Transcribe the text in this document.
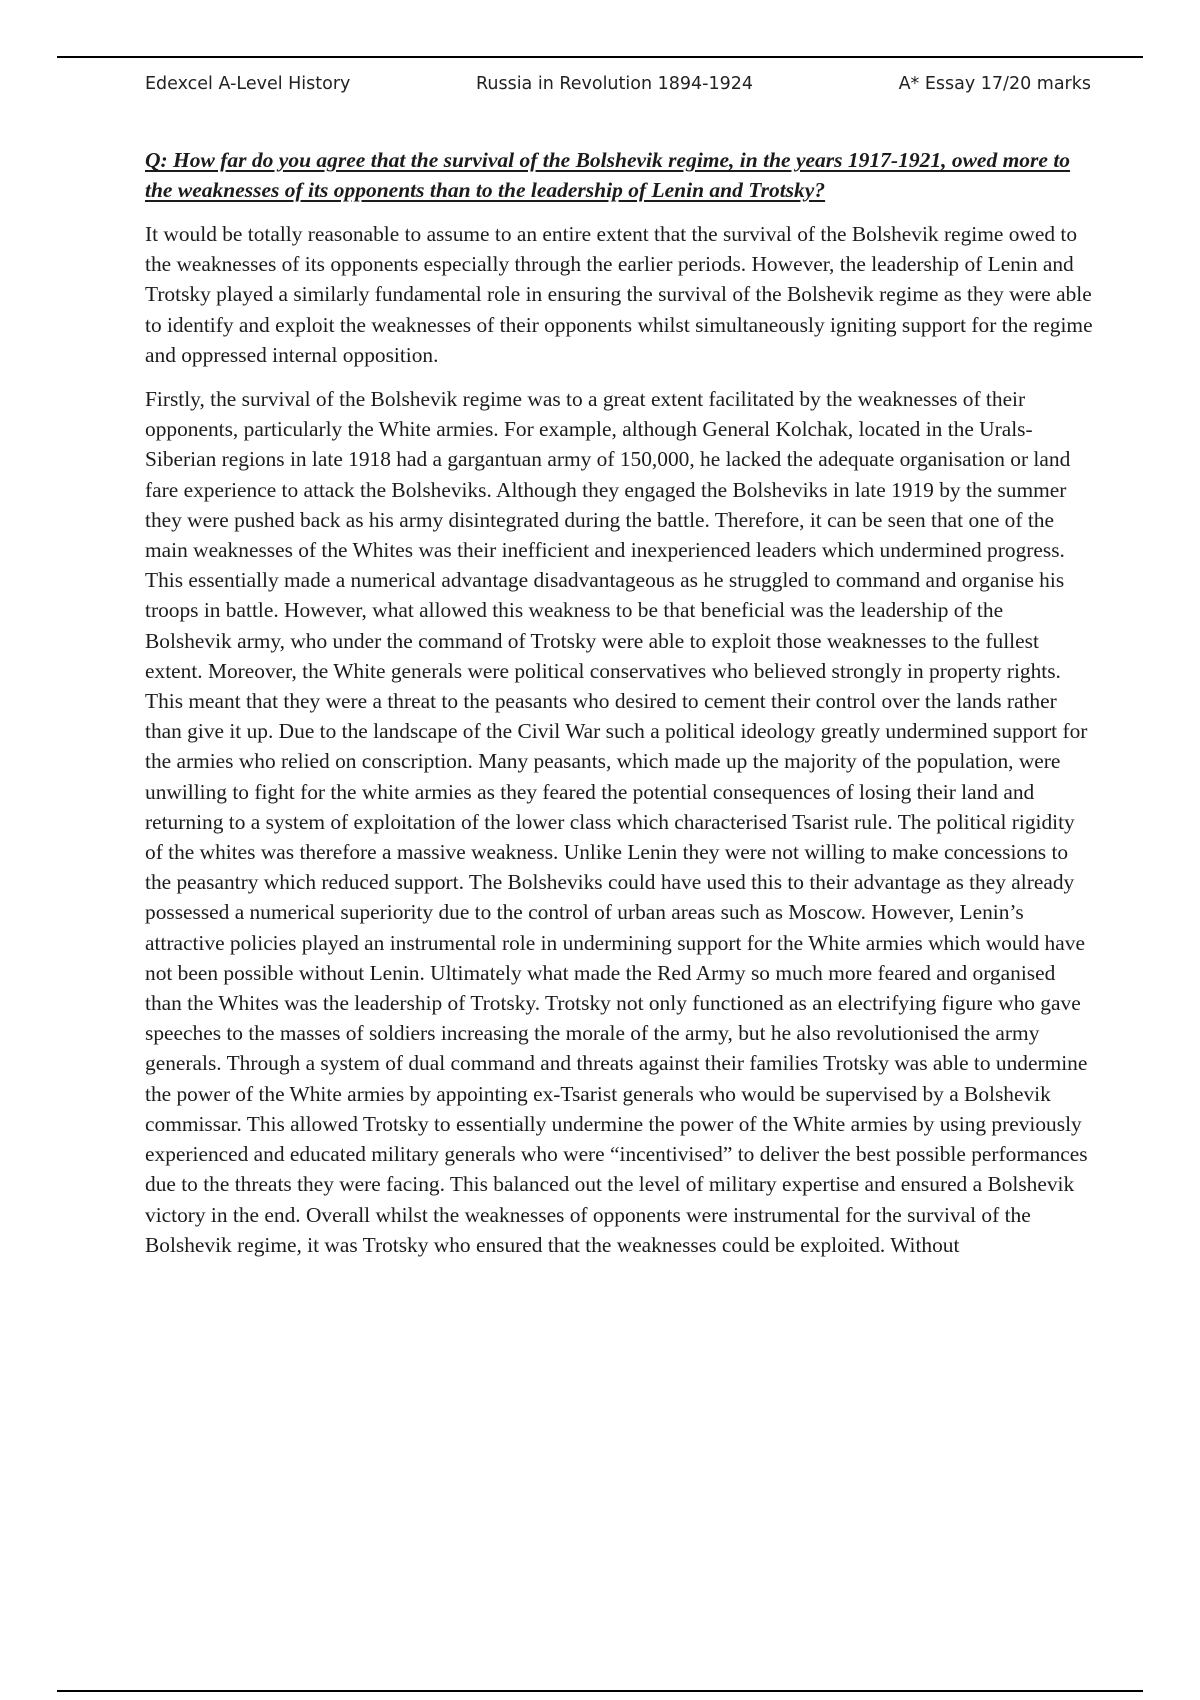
Edexcel A-Level History	Russia in Revolution 1894-1924	A* Essay 17/20 marks

Q: How far do you agree that the survival of the Bolshevik regime, in the years 1917-1921, owed more to the weaknesses of its opponents than to the leadership of Lenin and Trotsky?

It would be totally reasonable to assume to an entire extent that the survival of the Bolshevik regime owed to the weaknesses of its opponents especially through the earlier periods. However, the leadership of Lenin and Trotsky played a similarly fundamental role in ensuring the survival of the Bolshevik regime as they were able to identify and exploit the weaknesses of their opponents whilst simultaneously igniting support for the regime and oppressed internal opposition.

Firstly, the survival of the Bolshevik regime was to a great extent facilitated by the weaknesses of their opponents, particularly the White armies. For example, although General Kolchak, located in the Urals-Siberian regions in late 1918 had a gargantuan army of 150,000, he lacked the adequate organisation or land fare experience to attack the Bolsheviks. Although they engaged the Bolsheviks in late 1919 by the summer they were pushed back as his army disintegrated during the battle. Therefore, it can be seen that one of the main weaknesses of the Whites was their inefficient and inexperienced leaders which undermined progress. This essentially made a numerical advantage disadvantageous as he struggled to command and organise his troops in battle. However, what allowed this weakness to be that beneficial was the leadership of the Bolshevik army, who under the command of Trotsky were able to exploit those weaknesses to the fullest extent. Moreover, the White generals were political conservatives who believed strongly in property rights. This meant that they were a threat to the peasants who desired to cement their control over the lands rather than give it up. Due to the landscape of the Civil War such a political ideology greatly undermined support for the armies who relied on conscription. Many peasants, which made up the majority of the population, were unwilling to fight for the white armies as they feared the potential consequences of losing their land and returning to a system of exploitation of the lower class which characterised Tsarist rule. The political rigidity of the whites was therefore a massive weakness. Unlike Lenin they were not willing to make concessions to the peasantry which reduced support. The Bolsheviks could have used this to their advantage as they already possessed a numerical superiority due to the control of urban areas such as Moscow. However, Lenin’s attractive policies played an instrumental role in undermining support for the White armies which would have not been possible without Lenin. Ultimately what made the Red Army so much more feared and organised than the Whites was the leadership of Trotsky. Trotsky not only functioned as an electrifying figure who gave speeches to the masses of soldiers increasing the morale of the army, but he also revolutionised the army generals. Through a system of dual command and threats against their families Trotsky was able to undermine the power of the White armies by appointing ex-Tsarist generals who would be supervised by a Bolshevik commissar. This allowed Trotsky to essentially undermine the power of the White armies by using previously experienced and educated military generals who were “incentivised” to deliver the best possible performances due to the threats they were facing. This balanced out the level of military expertise and ensured a Bolshevik victory in the end. Overall whilst the weaknesses of opponents were instrumental for the survival of the Bolshevik regime, it was Trotsky who ensured that the weaknesses could be exploited. Without
